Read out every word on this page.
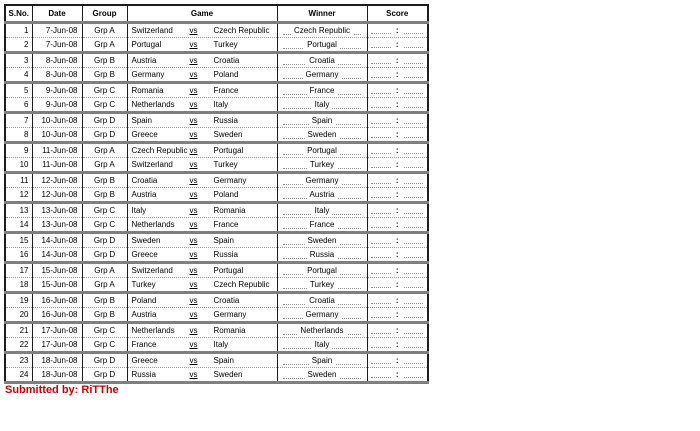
S.No.	Date	Group	Game	Winner	Score
1	7-Jun-08	Grp A	Switzerland vs Czech Republic	Czech Republic	:
2	7-Jun-08	Grp A	Portugal vs Turkey	Portugal	:
3	8-Jun-08	Grp B	Austria vs Croatia	Croatia	:
4	8-Jun-08	Grp B	Germany vs Poland	Germany	:
5	9-Jun-08	Grp C	Romania vs France	France	:
6	9-Jun-08	Grp C	Netherlands vs Italy	Italy	:
7	10-Jun-08	Grp D	Spain vs Russia	Spain	:
8	10-Jun-08	Grp D	Greece vs Sweden	Sweden	:
9	11-Jun-08	Grp A	Czech Republic vs Portugal	Portugal	:
10	11-Jun-08	Grp A	Switzerland vs Turkey	Turkey	:
11	12-Jun-08	Grp B	Croatia vs Germany	Germany	:
12	12-Jun-08	Grp B	Austria vs Poland	Austria	:
13	13-Jun-08	Grp C	Italy vs Romania	Italy	:
14	13-Jun-08	Grp C	Netherlands vs France	France	:
15	14-Jun-08	Grp D	Sweden vs Spain	Sweden	:
16	14-Jun-08	Grp D	Greece vs Russia	Russia	:
17	15-Jun-08	Grp A	Switzerland vs Portugal	Portugal	:
18	15-Jun-08	Grp A	Turkey vs Czech Republic	Turkey	:
19	16-Jun-08	Grp B	Poland vs Croatia	Croatia	:
20	16-Jun-08	Grp B	Austria vs Germany	Germany	:
21	17-Jun-08	Grp C	Netherlands vs Romania	Netherlands	:
22	17-Jun-08	Grp C	France vs Italy	Italy	:
23	18-Jun-08	Grp D	Greece vs Spain	Spain	:
24	18-Jun-08	Grp D	Russia vs Sweden	Sweden	:
Submitted by: RiTThe
